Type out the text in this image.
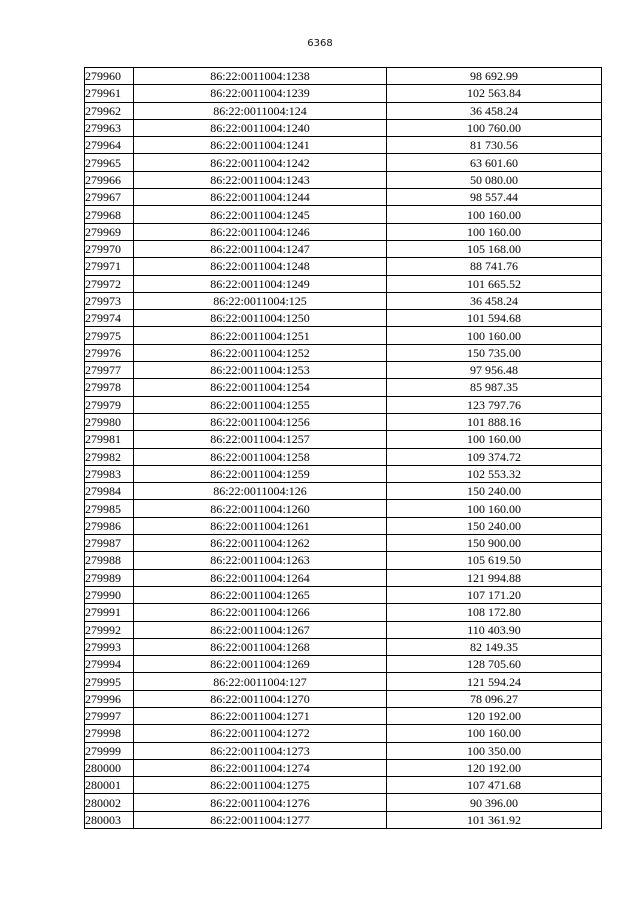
6368
279960	86:22:0011004:1238	98 692.99
279961	86:22:0011004:1239	102 563.84
279962	86:22:0011004:124	36 458.24
279963	86:22:0011004:1240	100 760.00
279964	86:22:0011004:1241	81 730.56
279965	86:22:0011004:1242	63 601.60
279966	86:22:0011004:1243	50 080.00
279967	86:22:0011004:1244	98 557.44
279968	86:22:0011004:1245	100 160.00
279969	86:22:0011004:1246	100 160.00
279970	86:22:0011004:1247	105 168.00
279971	86:22:0011004:1248	88 741.76
279972	86:22:0011004:1249	101 665.52
279973	86:22:0011004:125	36 458.24
279974	86:22:0011004:1250	101 594.68
279975	86:22:0011004:1251	100 160.00
279976	86:22:0011004:1252	150 735.00
279977	86:22:0011004:1253	97 956.48
279978	86:22:0011004:1254	85 987.35
279979	86:22:0011004:1255	123 797.76
279980	86:22:0011004:1256	101 888.16
279981	86:22:0011004:1257	100 160.00
279982	86:22:0011004:1258	109 374.72
279983	86:22:0011004:1259	102 553.32
279984	86:22:0011004:126	150 240.00
279985	86:22:0011004:1260	100 160.00
279986	86:22:0011004:1261	150 240.00
279987	86:22:0011004:1262	150 900.00
279988	86:22:0011004:1263	105 619.50
279989	86:22:0011004:1264	121 994.88
279990	86:22:0011004:1265	107 171.20
279991	86:22:0011004:1266	108 172.80
279992	86:22:0011004:1267	110 403.90
279993	86:22:0011004:1268	82 149.35
279994	86:22:0011004:1269	128 705.60
279995	86:22:0011004:127	121 594.24
279996	86:22:0011004:1270	78 096.27
279997	86:22:0011004:1271	120 192.00
279998	86:22:0011004:1272	100 160.00
279999	86:22:0011004:1273	100 350.00
280000	86:22:0011004:1274	120 192.00
280001	86:22:0011004:1275	107 471.68
280002	86:22:0011004:1276	90 396.00
280003	86:22:0011004:1277	101 361.92
